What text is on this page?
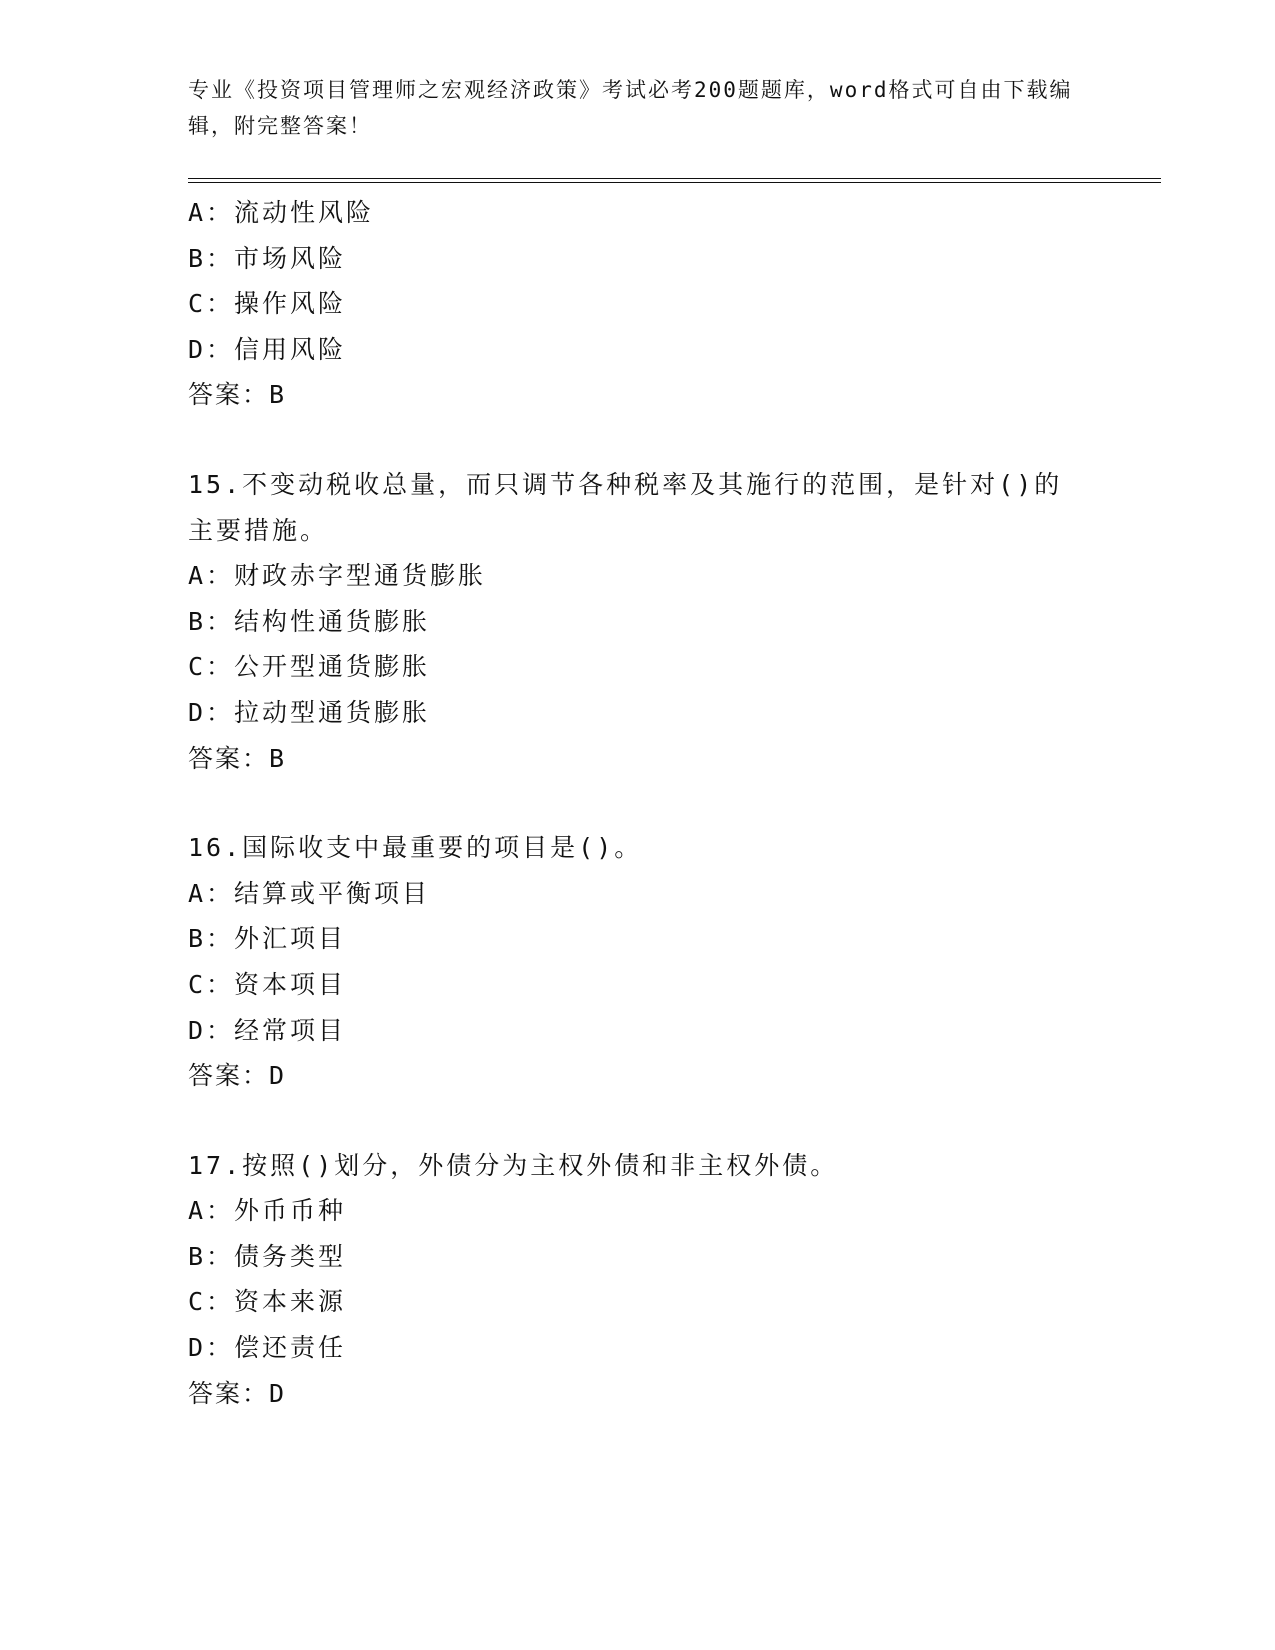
专业《投资项目管理师之宏观经济政策》考试必考200题题库，word格式可自由下载编辑，附完整答案！
A：流动性风险
B：市场风险
C：操作风险
D：信用风险
答案：B
15.不变动税收总量，而只调节各种税率及其施行的范围，是针对()的
主要措施。
A：财政赤字型通货膨胀
B：结构性通货膨胀
C：公开型通货膨胀
D：拉动型通货膨胀
答案：B
16.国际收支中最重要的项目是()。
A：结算或平衡项目
B：外汇项目
C：资本项目
D：经常项目
答案：D
17.按照()划分，外债分为主权外债和非主权外债。
A：外币币种
B：债务类型
C：资本来源
D：偿还责任
答案：D
